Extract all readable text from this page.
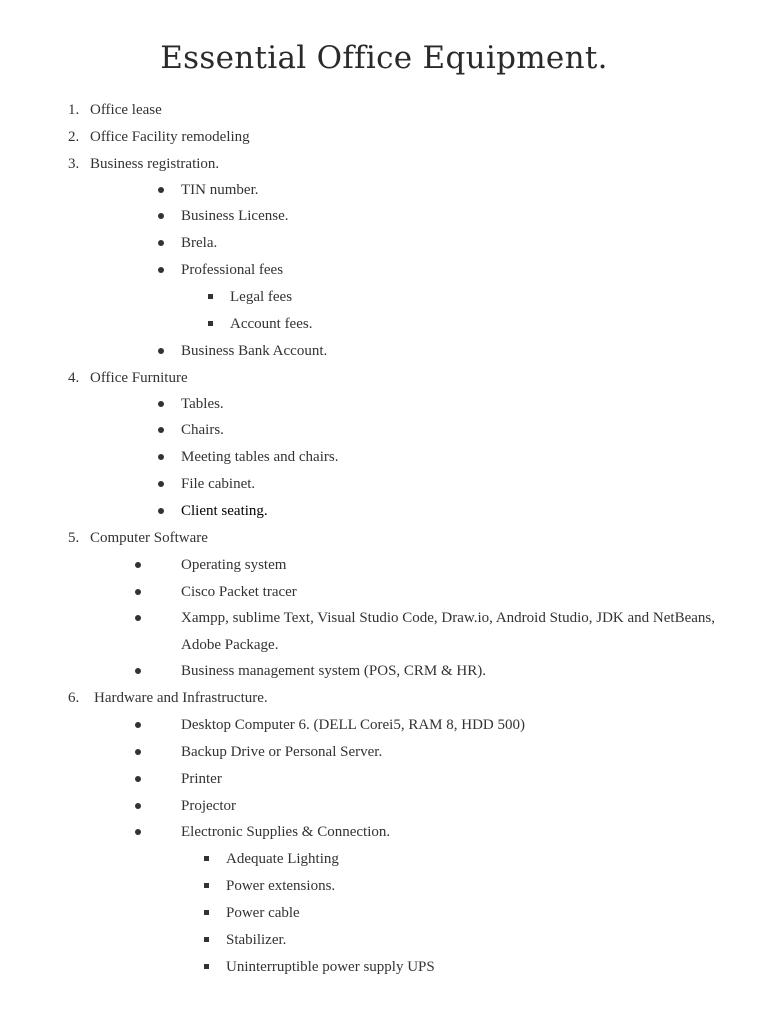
Essential Office Equipment.
1. Office lease
2. Office Facility remodeling
3. Business registration.
TIN number.
Business License.
Brela.
Professional fees
Legal fees
Account fees.
Business Bank Account.
4. Office Furniture
Tables.
Chairs.
Meeting tables and chairs.
File cabinet.
Client seating.
5. Computer Software
Operating system
Cisco Packet tracer
Xampp, sublime Text, Visual Studio Code, Draw.io, Android Studio, JDK and NetBeans,
Adobe Package.
Business management system (POS, CRM & HR).
6. Hardware and Infrastructure.
Desktop Computer 6. (DELL Corei5, RAM 8, HDD 500)
Backup Drive or Personal Server.
Printer
Projector
Electronic Supplies & Connection.
Adequate Lighting
Power extensions.
Power cable
Stabilizer.
Uninterruptible power supply UPS
